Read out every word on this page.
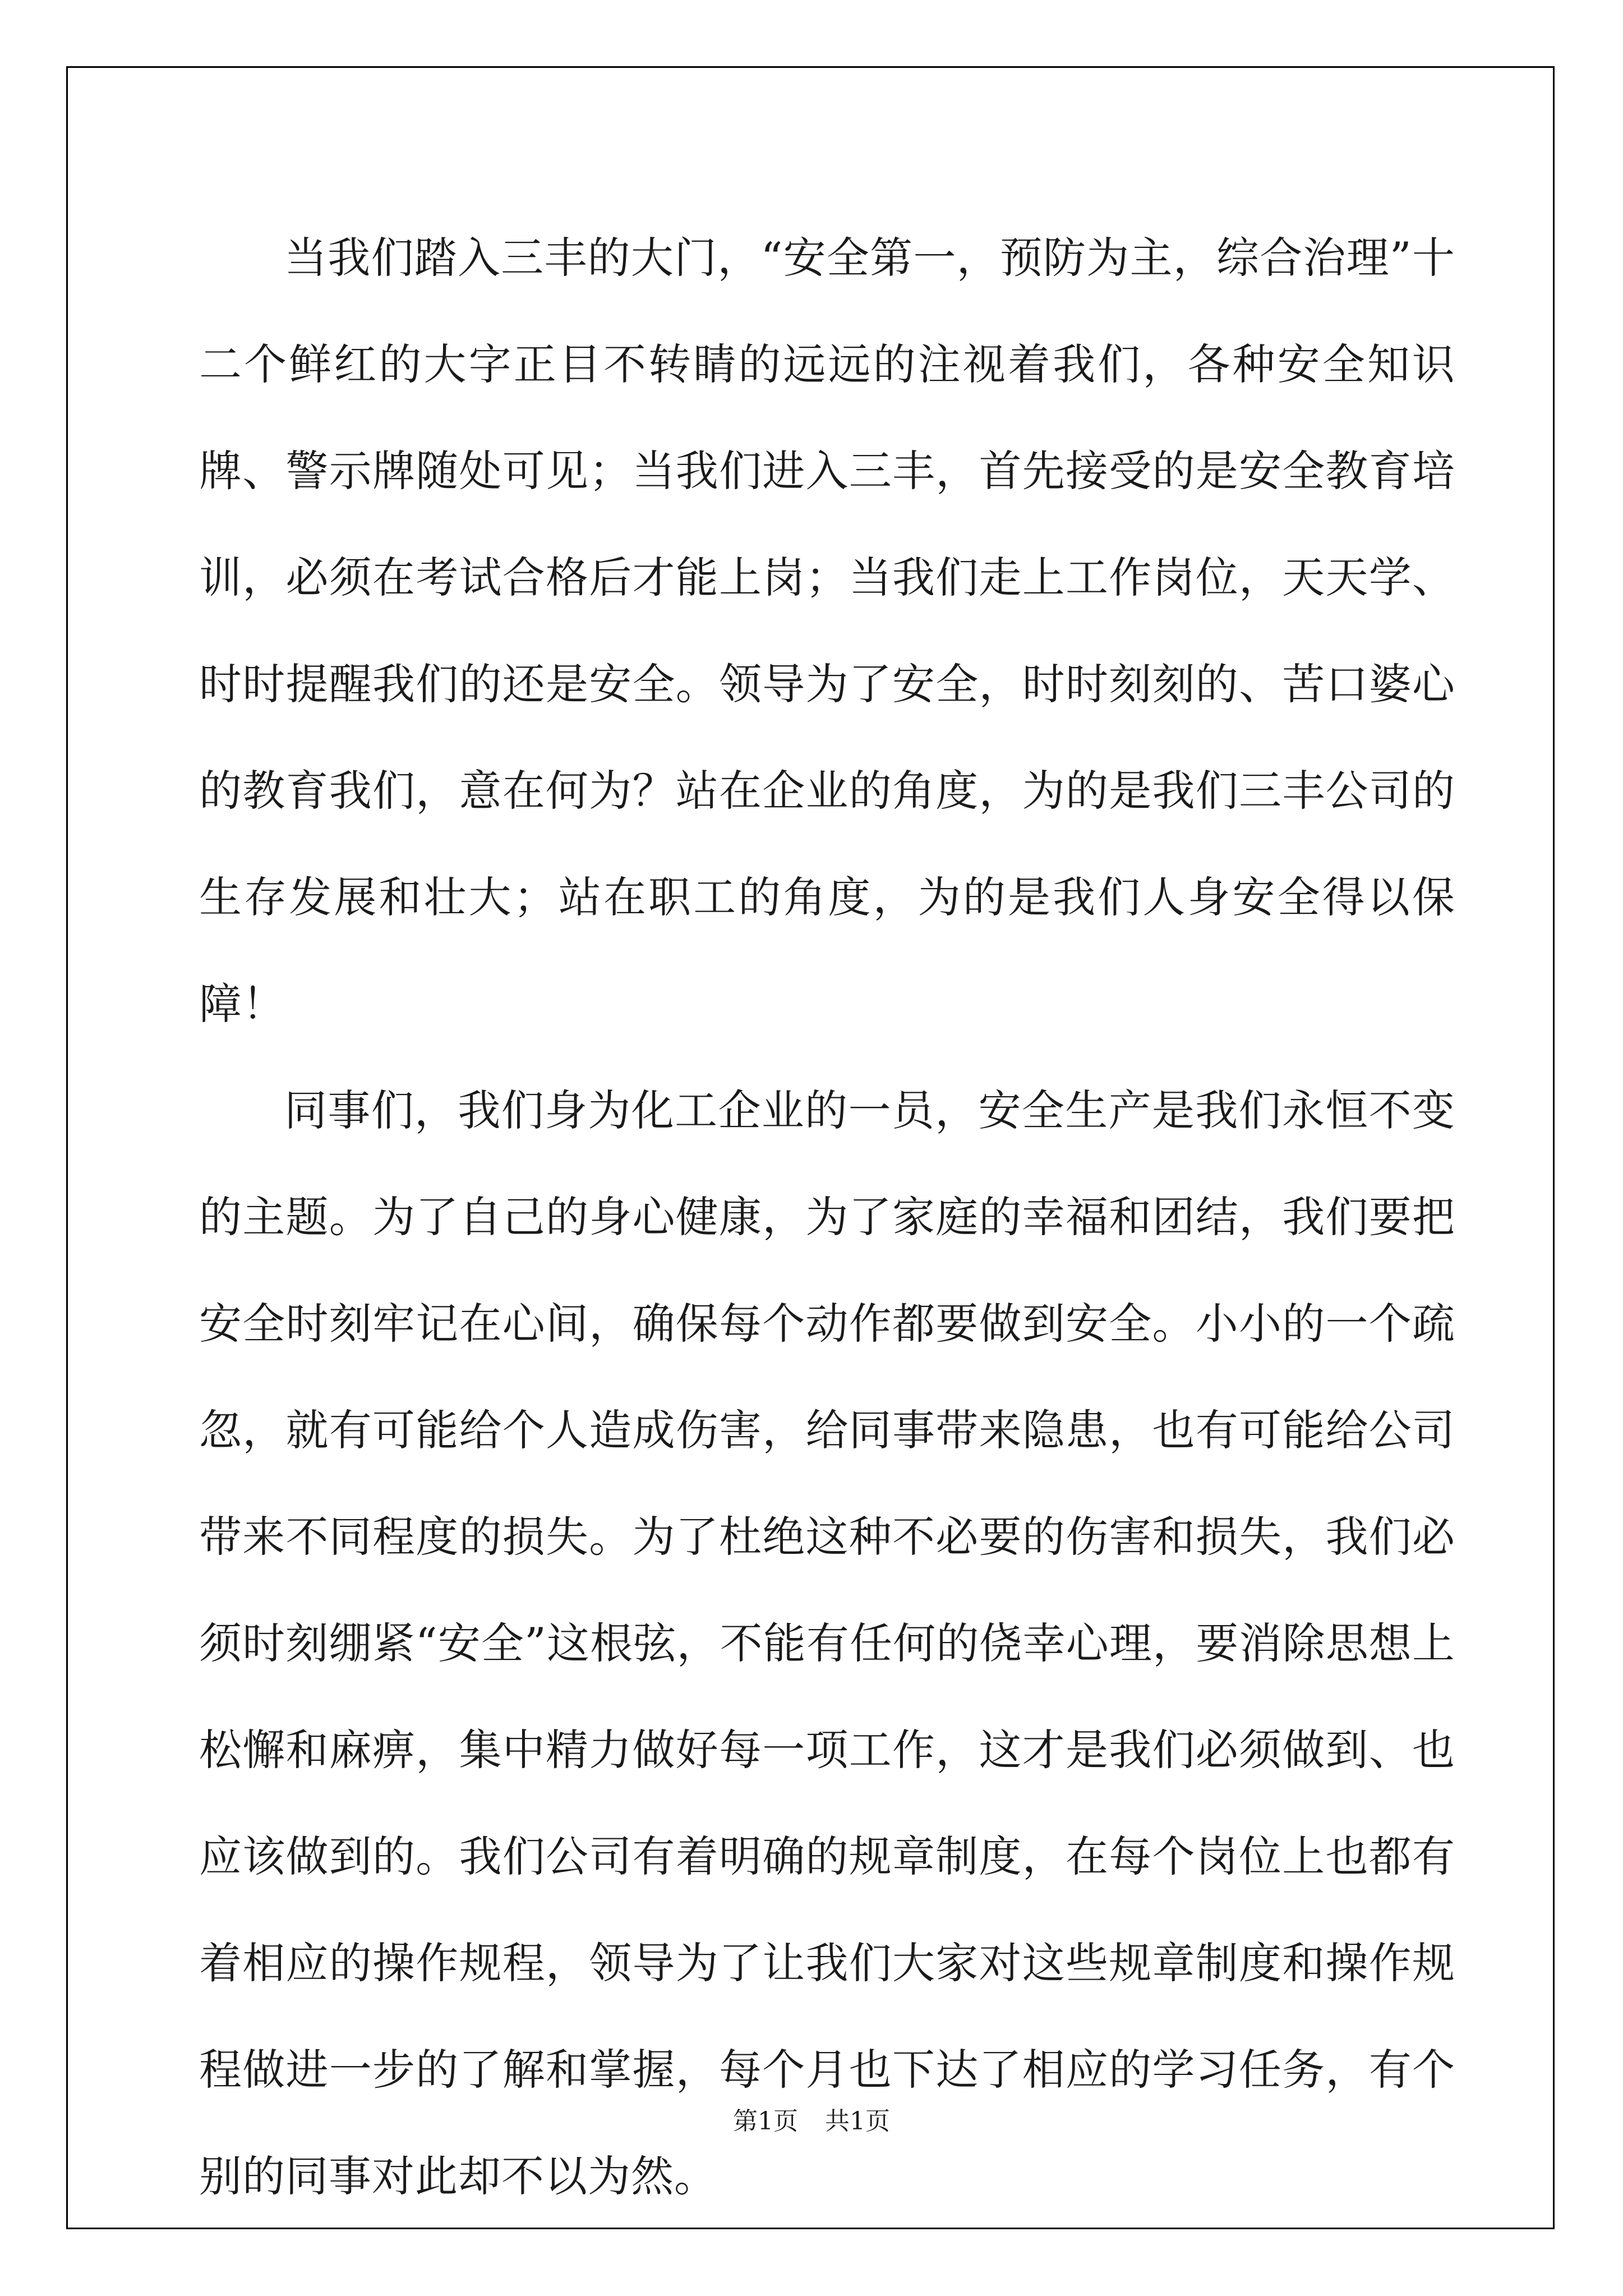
当我们踏入三丰的大门，“安全第一，预防为主，综合治理”十二个鲜红的大字正目不转睛的远远的注视着我们，各种安全知识牌、警示牌随处可见；当我们进入三丰，首先接受的是安全教育培训，必须在考试合格后才能上岗；当我们走上工作岗位，天天学、时时提醒我们的还是安全。领导为了安全，时时刻刻的、苦口婆心的教育我们，意在何为？站在企业的角度，为的是我们三丰公司的生存发展和壮大；站在职工的角度，为的是我们人身安全得以保障！

同事们，我们身为化工企业的一员，安全生产是我们永恒不变的主题。为了自己的身心健康，为了家庭的幸福和团结，我们要把安全时刻牢记在心间，确保每个动作都要做到安全。小小的一个疏忽，就有可能给个人造成伤害，给同事带来隐患，也有可能给公司带来不同程度的损失。为了杜绝这种不必要的伤害和损失，我们必须时刻绷紧“安全”这根弦，不能有任何的侥幸心理，要消除思想上松懈和麻痹，集中精力做好每一项工作，这才是我们必须做到、也应该做到的。我们公司有着明确的规章制度，在每个岗位上也都有着相应的操作规程，领导为了让我们大家对这些规章制度和操作规程做进一步的了解和掌握，每个月也下达了相应的学习任务，有个别的同事对此却不以为然。

第1页 共1页
